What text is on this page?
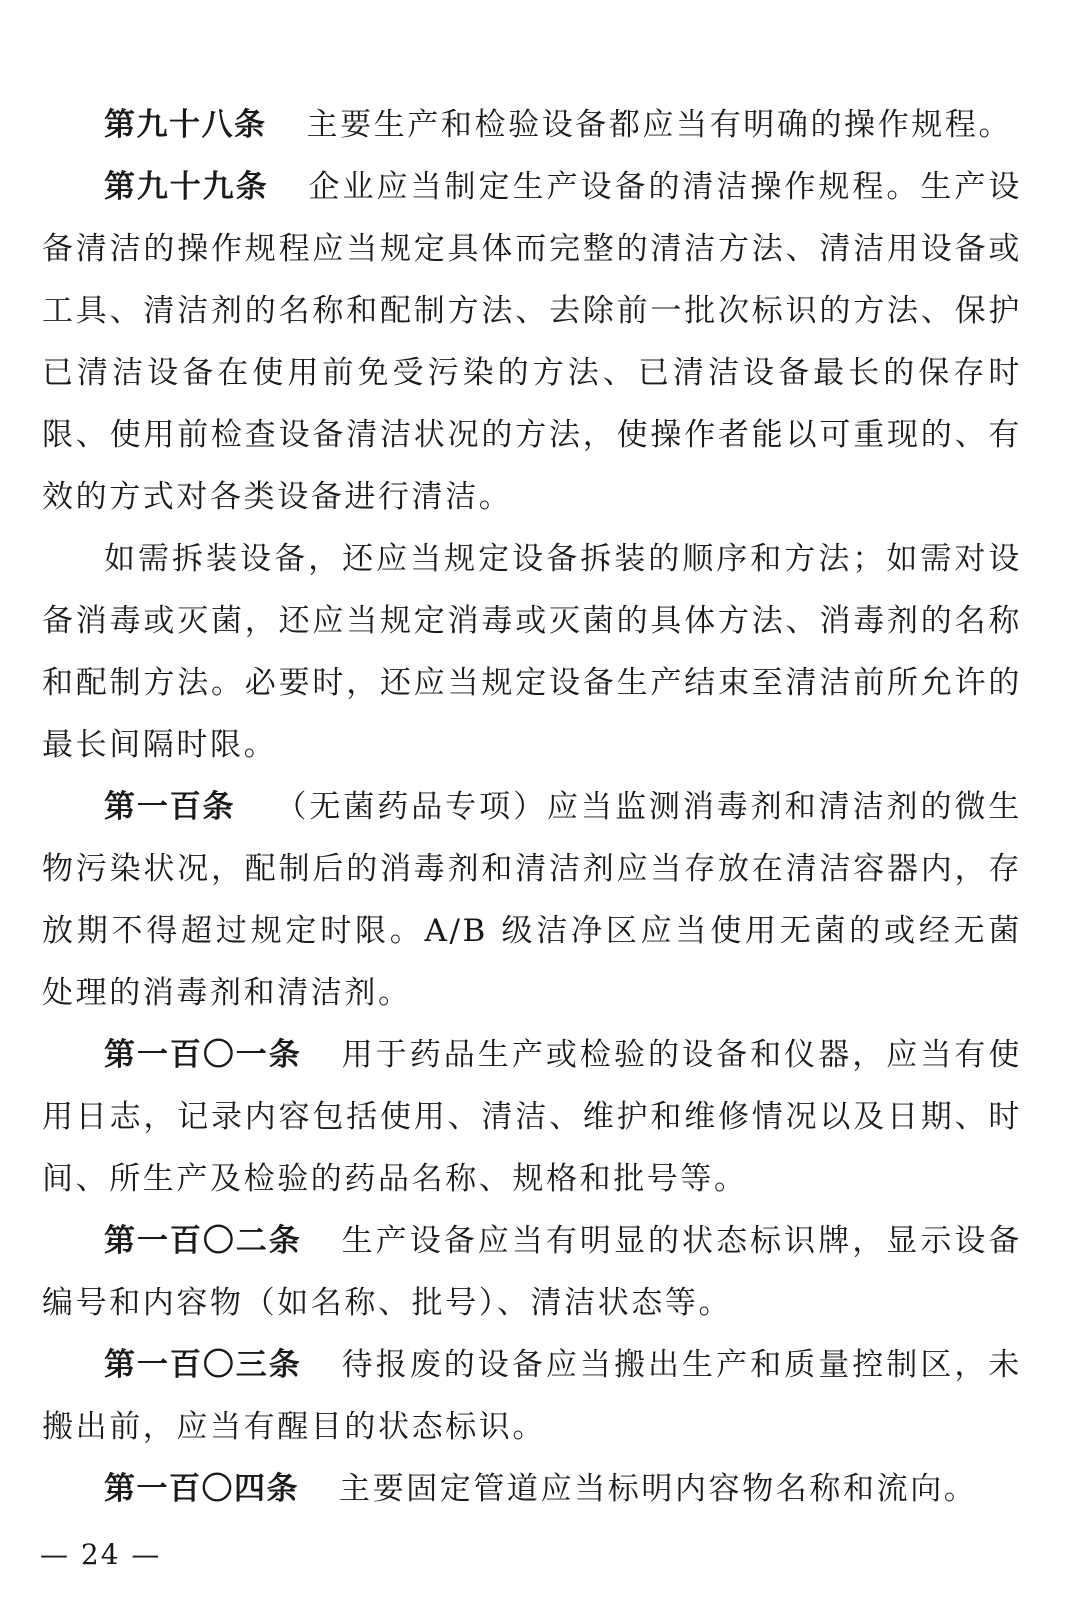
第九十八条 主要生产和检验设备都应当有明确的操作规程。

第九十九条 企业应当制定生产设备的清洁操作规程。生产设备清洁的操作规程应当规定具体而完整的清洁方法、清洁用设备或工具、清洁剂的名称和配制方法、去除前一批次标识的方法、保护已清洁设备在使用前免受污染的方法、已清洁设备最长的保存时限、使用前检查设备清洁状况的方法，使操作者能以可重现的、有效的方式对各类设备进行清洁。

如需拆装设备，还应当规定设备拆装的顺序和方法；如需对设备消毒或灭菌，还应当规定消毒或灭菌的具体方法、消毒剂的名称和配制方法。必要时，还应当规定设备生产结束至清洁前所允许的最长间隔时限。

第一百条 （无菌药品专项）应当监测消毒剂和清洁剂的微生物污染状况，配制后的消毒剂和清洁剂应当存放在清洁容器内，存放期不得超过规定时限。A/B 级洁净区应当使用无菌的或经无菌处理的消毒剂和清洁剂。

第一百〇一条 用于药品生产或检验的设备和仪器，应当有使用日志，记录内容包括使用、清洁、维护和维修情况以及日期、时间、所生产及检验的药品名称、规格和批号等。

第一百〇二条 生产设备应当有明显的状态标识牌，显示设备编号和内容物（如名称、批号）、清洁状态等。

第一百〇三条 待报废的设备应当搬出生产和质量控制区，未搬出前，应当有醒目的状态标识。

第一百〇四条 主要固定管道应当标明内容物名称和流向。

— 24 —
